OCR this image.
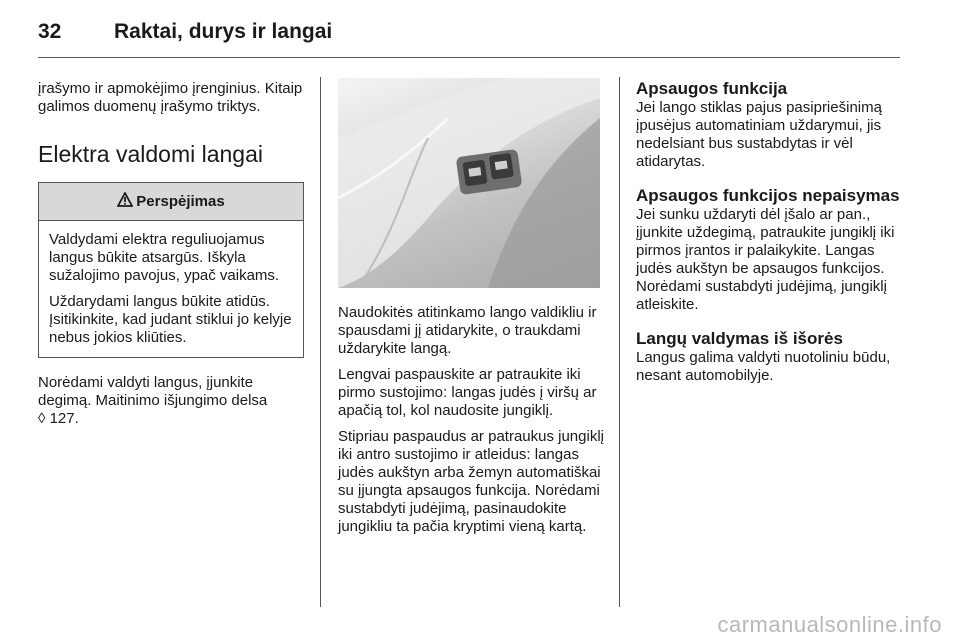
32	Raktai, durys ir langai

įrašymo ir apmokėjimo įrenginius. Kitaip galimos duomenų įrašymo triktys.

Elektra valdomi langai
Perspėjimas

Valdydami elektra reguliuojamus langus būkite atsargūs. Iškyla sužalojimo pavojus, ypač vaikams.

Uždarydami langus būkite atidūs. Įsitikinkite, kad judant stiklui jo kelyje nebus jokios kliūties.

Norėdami valdyti langus, įjunkite degimą. Maitinimo išjungimo delsa
◊ 127.

Naudokitės atitinkamo lango valdikliu ir spausdami jį atidarykite, o traukdami uždarykite langą.

Lengvai paspauskite ar patraukite iki pirmo sustojimo: langas judės į viršų ar apačią tol, kol naudosite jungiklį.

Stipriau paspaudus ar patraukus jungiklį iki antro sustojimo ir atleidus: langas judės aukštyn arba žemyn automatiškai su įjungta apsaugos funkcija. Norėdami sustabdyti judėjimą, pasinaudokite jungikliu ta pačia kryptimi vieną kartą.

Apsaugos funkcija
Jei lango stiklas pajus pasipriešinimą įpusėjus automatiniam uždarymui, jis nedelsiant bus sustabdytas ir vėl atidarytas.
Apsaugos funkcijos nepaisymas
Jei sunku uždaryti dėl įšalo ar pan., įjunkite uždegimą, patraukite jungiklį iki pirmos įrantos ir palaikykite. Langas judės aukštyn be apsaugos funkcijos. Norėdami sustabdyti judėjimą, jungiklį atleiskite.
Langų valdymas iš išorės
Langus galima valdyti nuotoliniu būdu, nesant automobilyje.
carmanualsonline.info
